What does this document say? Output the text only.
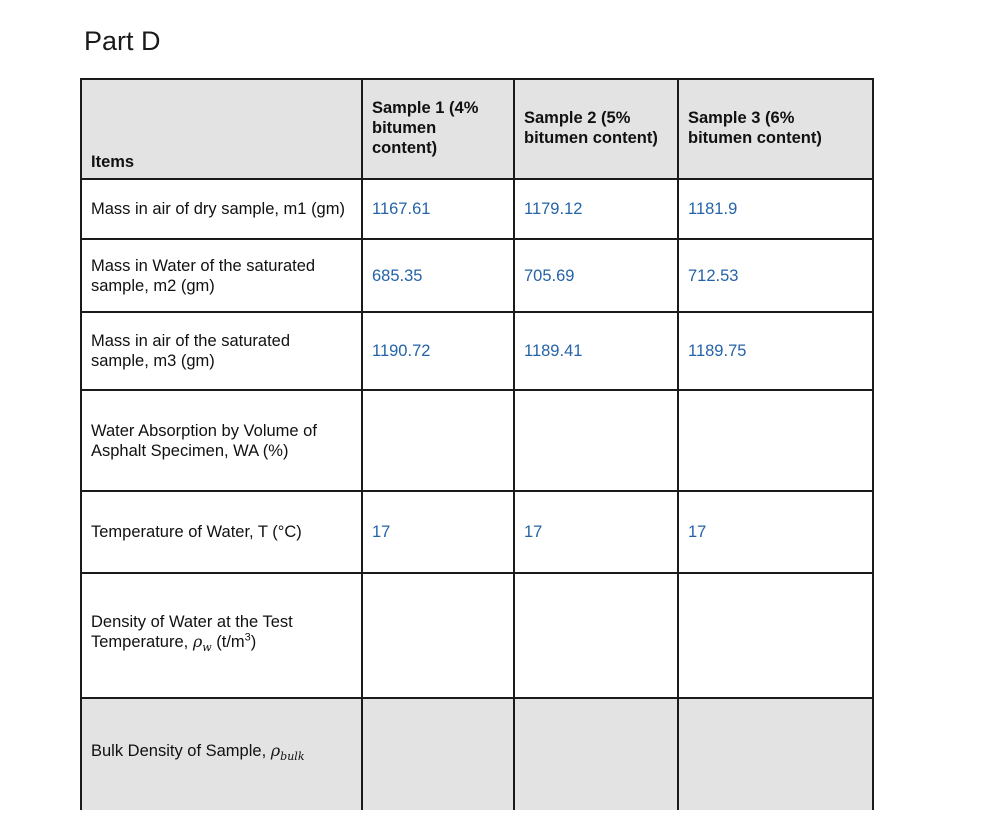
Part D
Items	Sample 1 (4% bitumen content)	Sample 2 (5% bitumen content)	Sample 3 (6% bitumen content)
Mass in air of dry sample, m1 (gm)	1167.61	1179.12	1181.9
Mass in Water of the saturated sample, m2 (gm)	685.35	705.69	712.53
Mass in air of the saturated sample, m3 (gm)	1190.72	1189.41	1189.75
Water Absorption by Volume of Asphalt Specimen, WA (%)			
Temperature of Water, T (°C)	17	17	17
Density of Water at the Test Temperature, $\rho_w$ $(t/m^3)$			
Bulk Density of Sample, $\rho_{bulk}$			
